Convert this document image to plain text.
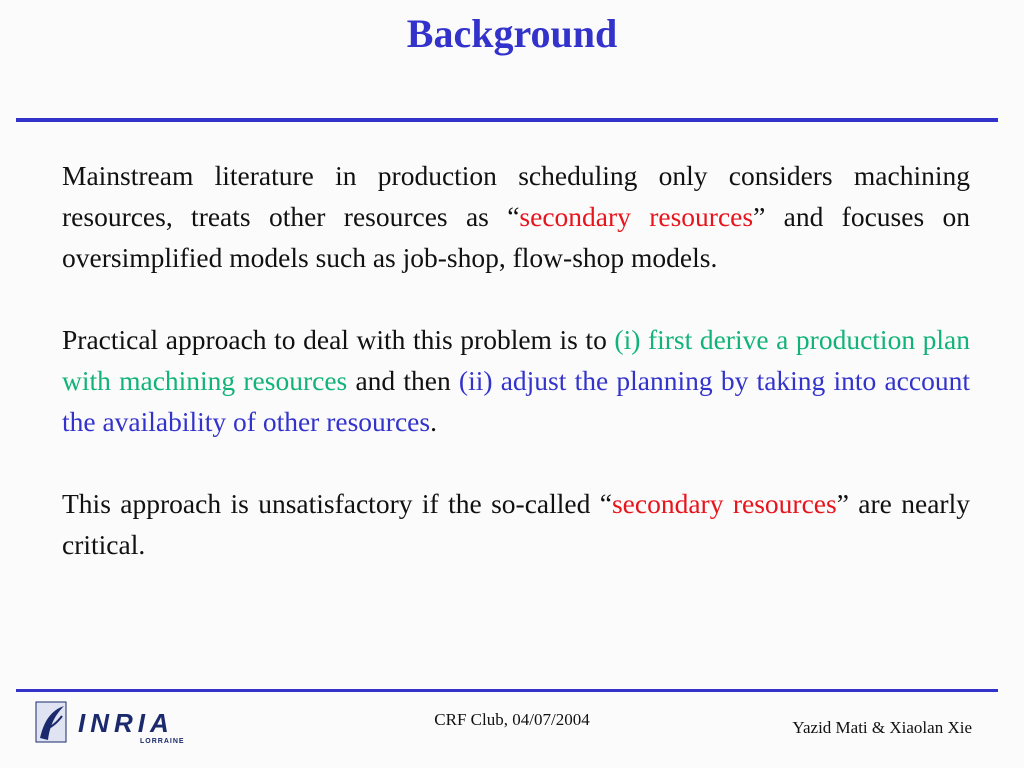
Background

Mainstream literature in production scheduling only considers machining resources, treats other resources as “secondary resources” and focuses on oversimplified models such as job-shop, flow-shop models.

Practical approach to deal with this problem is to (i) first derive a production plan with machining resources and then (ii) adjust the planning by taking into account the availability of other resources.

This approach is unsatisfactory if the so-called “secondary resources” are nearly critical.

INRIA
LORRAINE
CRF Club, 04/07/2004	Yazid Mati & Xiaolan Xie
